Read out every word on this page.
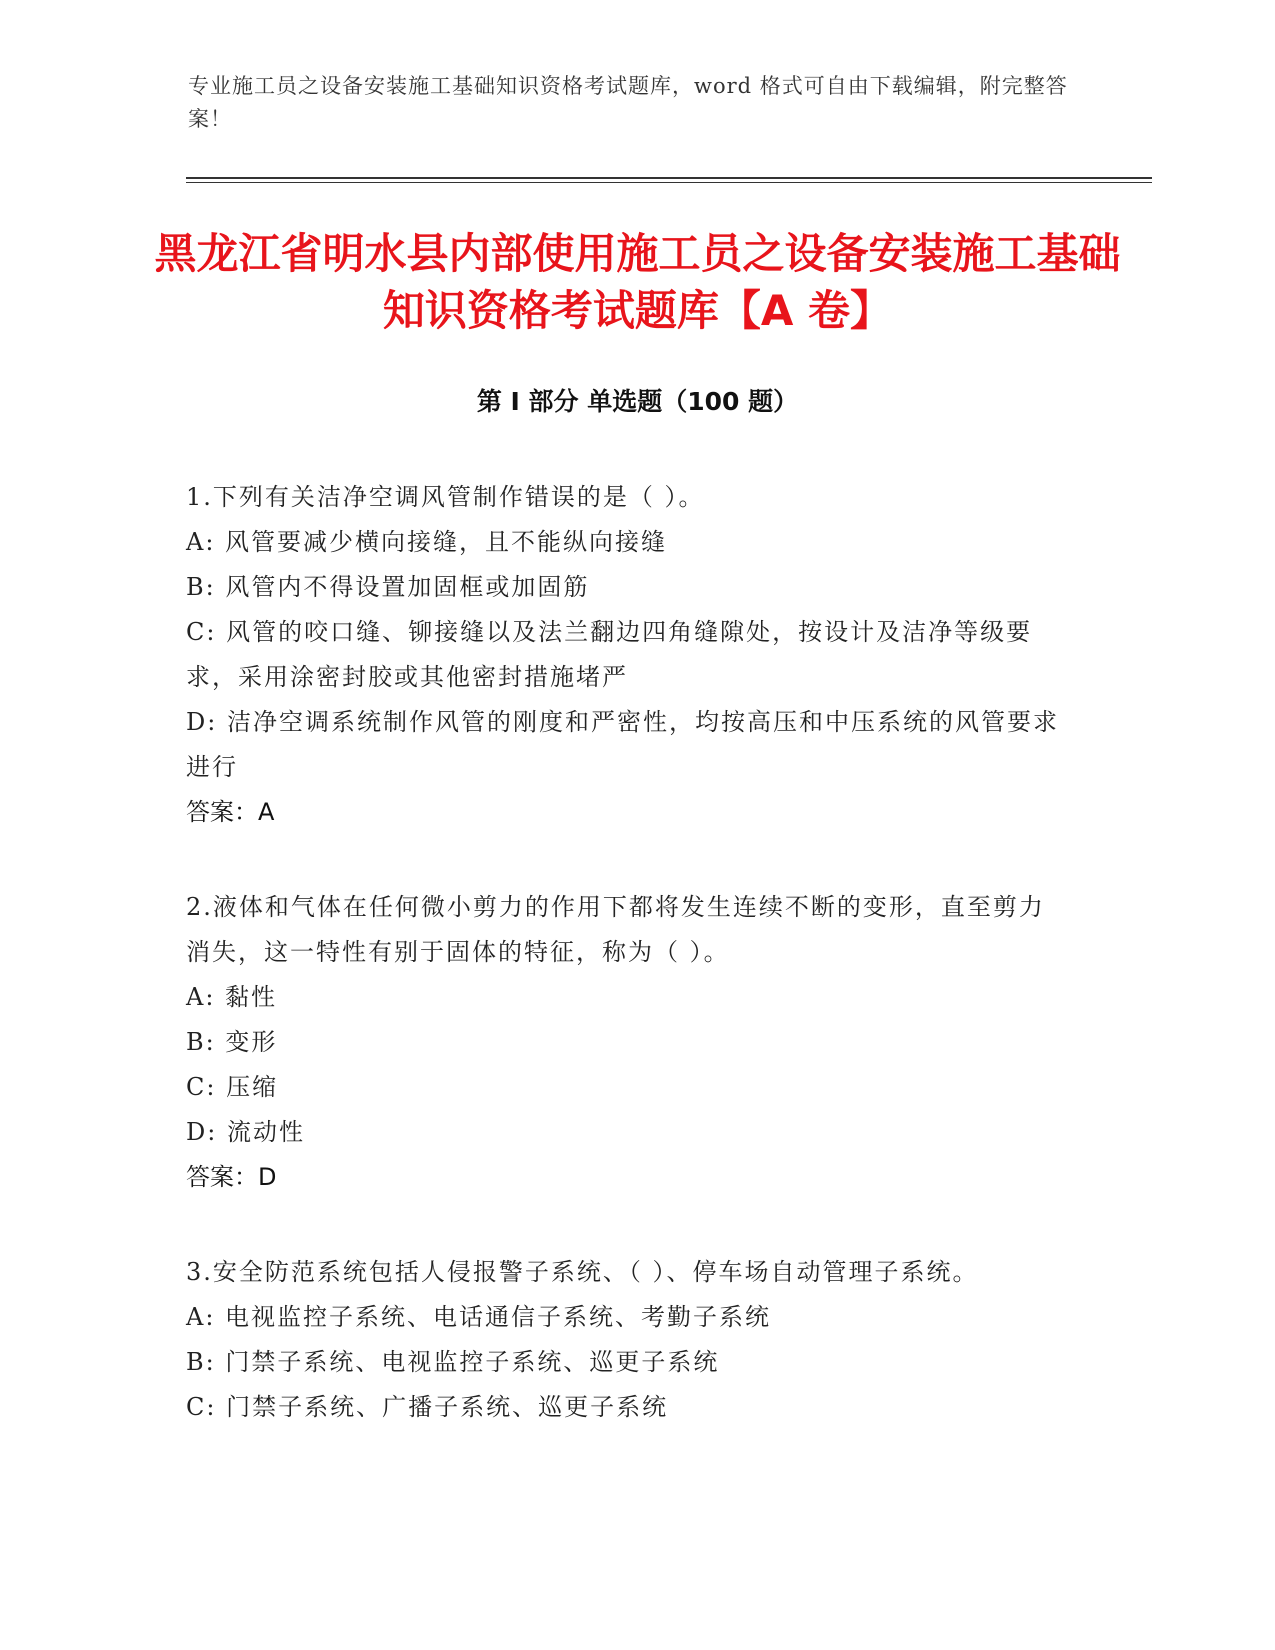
专业施工员之设备安装施工基础知识资格考试题库，word 格式可自由下载编辑，附完整答案！
黑龙江省明水县内部使用施工员之设备安装施工基础知识资格考试题库【A 卷】
第 I 部分 单选题（100 题）

1.下列有关洁净空调风管制作错误的是（ ）。

A: 风管要减少横向接缝，且不能纵向接缝

B: 风管内不得设置加固框或加固筋

C: 风管的咬口缝、铆接缝以及法兰翻边四角缝隙处，按设计及洁净等级要求，采用涂密封胶或其他密封措施堵严

D: 洁净空调系统制作风管的刚度和严密性，均按高压和中压系统的风管要求进行

答案：A

2.液体和气体在任何微小剪力的作用下都将发生连续不断的变形，直至剪力消失，这一特性有别于固体的特征，称为（ ）。

A: 黏性

B: 变形

C: 压缩

D: 流动性

答案：D

3.安全防范系统包括人侵报警子系统、（ ）、停车场自动管理子系统。

A: 电视监控子系统、电话通信子系统、考勤子系统

B: 门禁子系统、电视监控子系统、巡更子系统

C: 门禁子系统、广播子系统、巡更子系统
